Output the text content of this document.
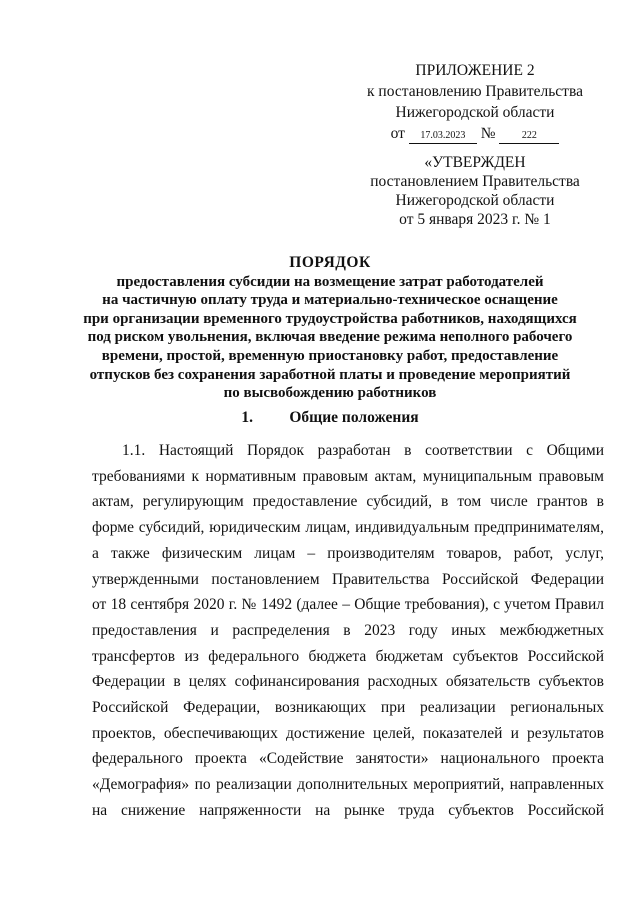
ПРИЛОЖЕНИЕ 2
к постановлению Правительства
Нижегородской области
от 17.03.2023 №	222
«УТВЕРЖДЕН
постановлением Правительства
Нижегородской области
от 5 января 2023 г. № 1
ПОРЯДОК
предоставления субсидии на возмещение затрат работодателей
на частичную оплату труда и материально-техническое оснащение
при организации временного трудоустройства работников, находящихся
под риском увольнения, включая введение режима неполного рабочего
времени, простой, временную приостановку работ, предоставление
отпусков без сохранения заработной платы и проведение мероприятий
по высвобождению работников
1. Общие положения
1.1. Настоящий Порядок разработан в соответствии с Общими
требованиями к нормативным правовым актам, муниципальным правовым
актам, регулирующим предоставление субсидий, в том числе грантов в
форме субсидий, юридическим лицам, индивидуальным предпринимателям,
а также физическим лицам – производителям товаров, работ, услуг,
утвержденными постановлением Правительства Российской Федерации
от 18 сентября 2020 г. № 1492 (далее – Общие требования), с учетом Правил
предоставления и распределения в 2023 году иных межбюджетных
трансфертов из федерального бюджета бюджетам субъектов Российской
Федерации в целях софинансирования расходных обязательств субъектов
Российской Федерации, возникающих при реализации региональных
проектов, обеспечивающих достижение целей, показателей и результатов
федерального проекта «Содействие занятости» национального проекта
«Демография» по реализации дополнительных мероприятий, направленных
на снижение напряженности на рынке труда субъектов Российской
